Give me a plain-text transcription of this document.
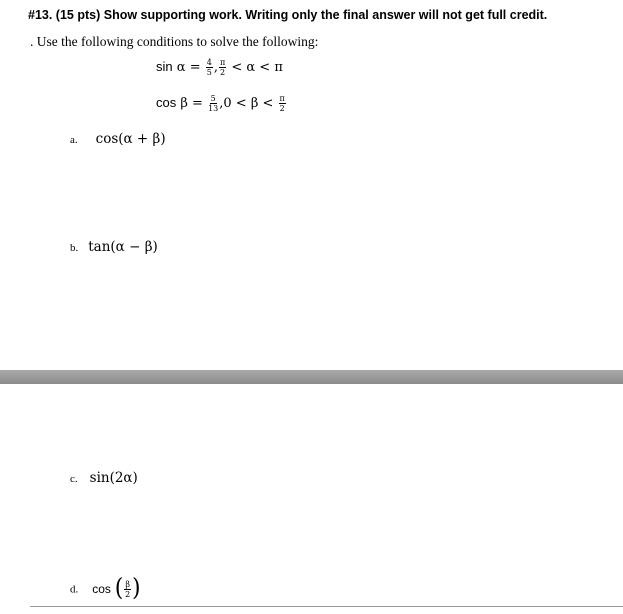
#13. (15 pts) Show supporting work. Writing only the final answer will not get full credit.
. Use the following conditions to solve the following:
$\sin \alpha = \frac{4}{5}$ , $\frac{\pi}{2} < \alpha < \pi$
$\cos \beta = \frac{5}{13} ,0 < \beta < \frac{\pi}{2}$
a. cos(α + β)
b. tan(α − β)
c. sin(2α)
d. cos ( $\frac{\beta}{2}$ )
